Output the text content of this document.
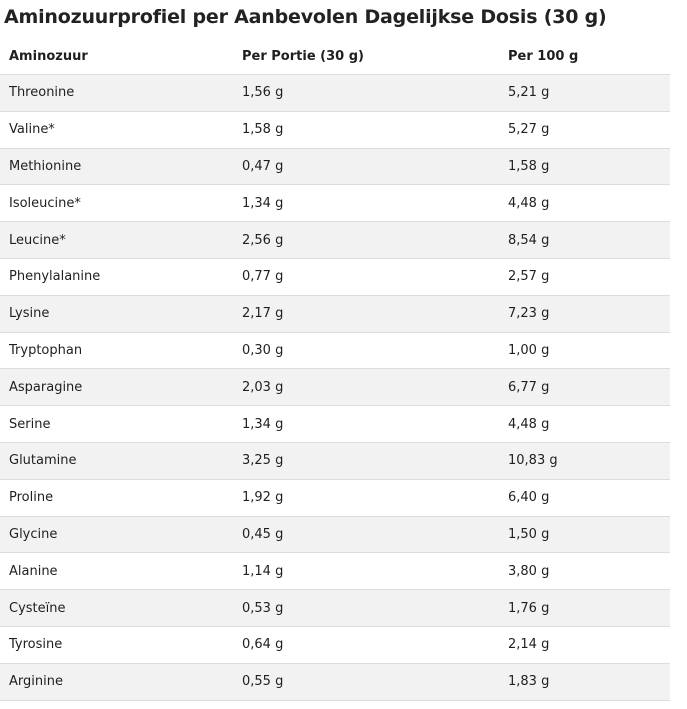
Aminozuurprofiel per Aanbevolen Dagelijkse Dosis (30 g)
Aminozuur	Per Portie (30 g)	Per 100 g
Threonine	1,56 g	5,21 g
Valine*	1,58 g	5,27 g
Methionine	0,47 g	1,58 g
Isoleucine*	1,34 g	4,48 g
Leucine*	2,56 g	8,54 g
Phenylalanine	0,77 g	2,57 g
Lysine	2,17 g	7,23 g
Tryptophan	0,30 g	1,00 g
Asparagine	2,03 g	6,77 g
Serine	1,34 g	4,48 g
Glutamine	3,25 g	10,83 g
Proline	1,92 g	6,40 g
Glycine	0,45 g	1,50 g
Alanine	1,14 g	3,80 g
Cysteïne	0,53 g	1,76 g
Tyrosine	0,64 g	2,14 g
Arginine	0,55 g	1,83 g
